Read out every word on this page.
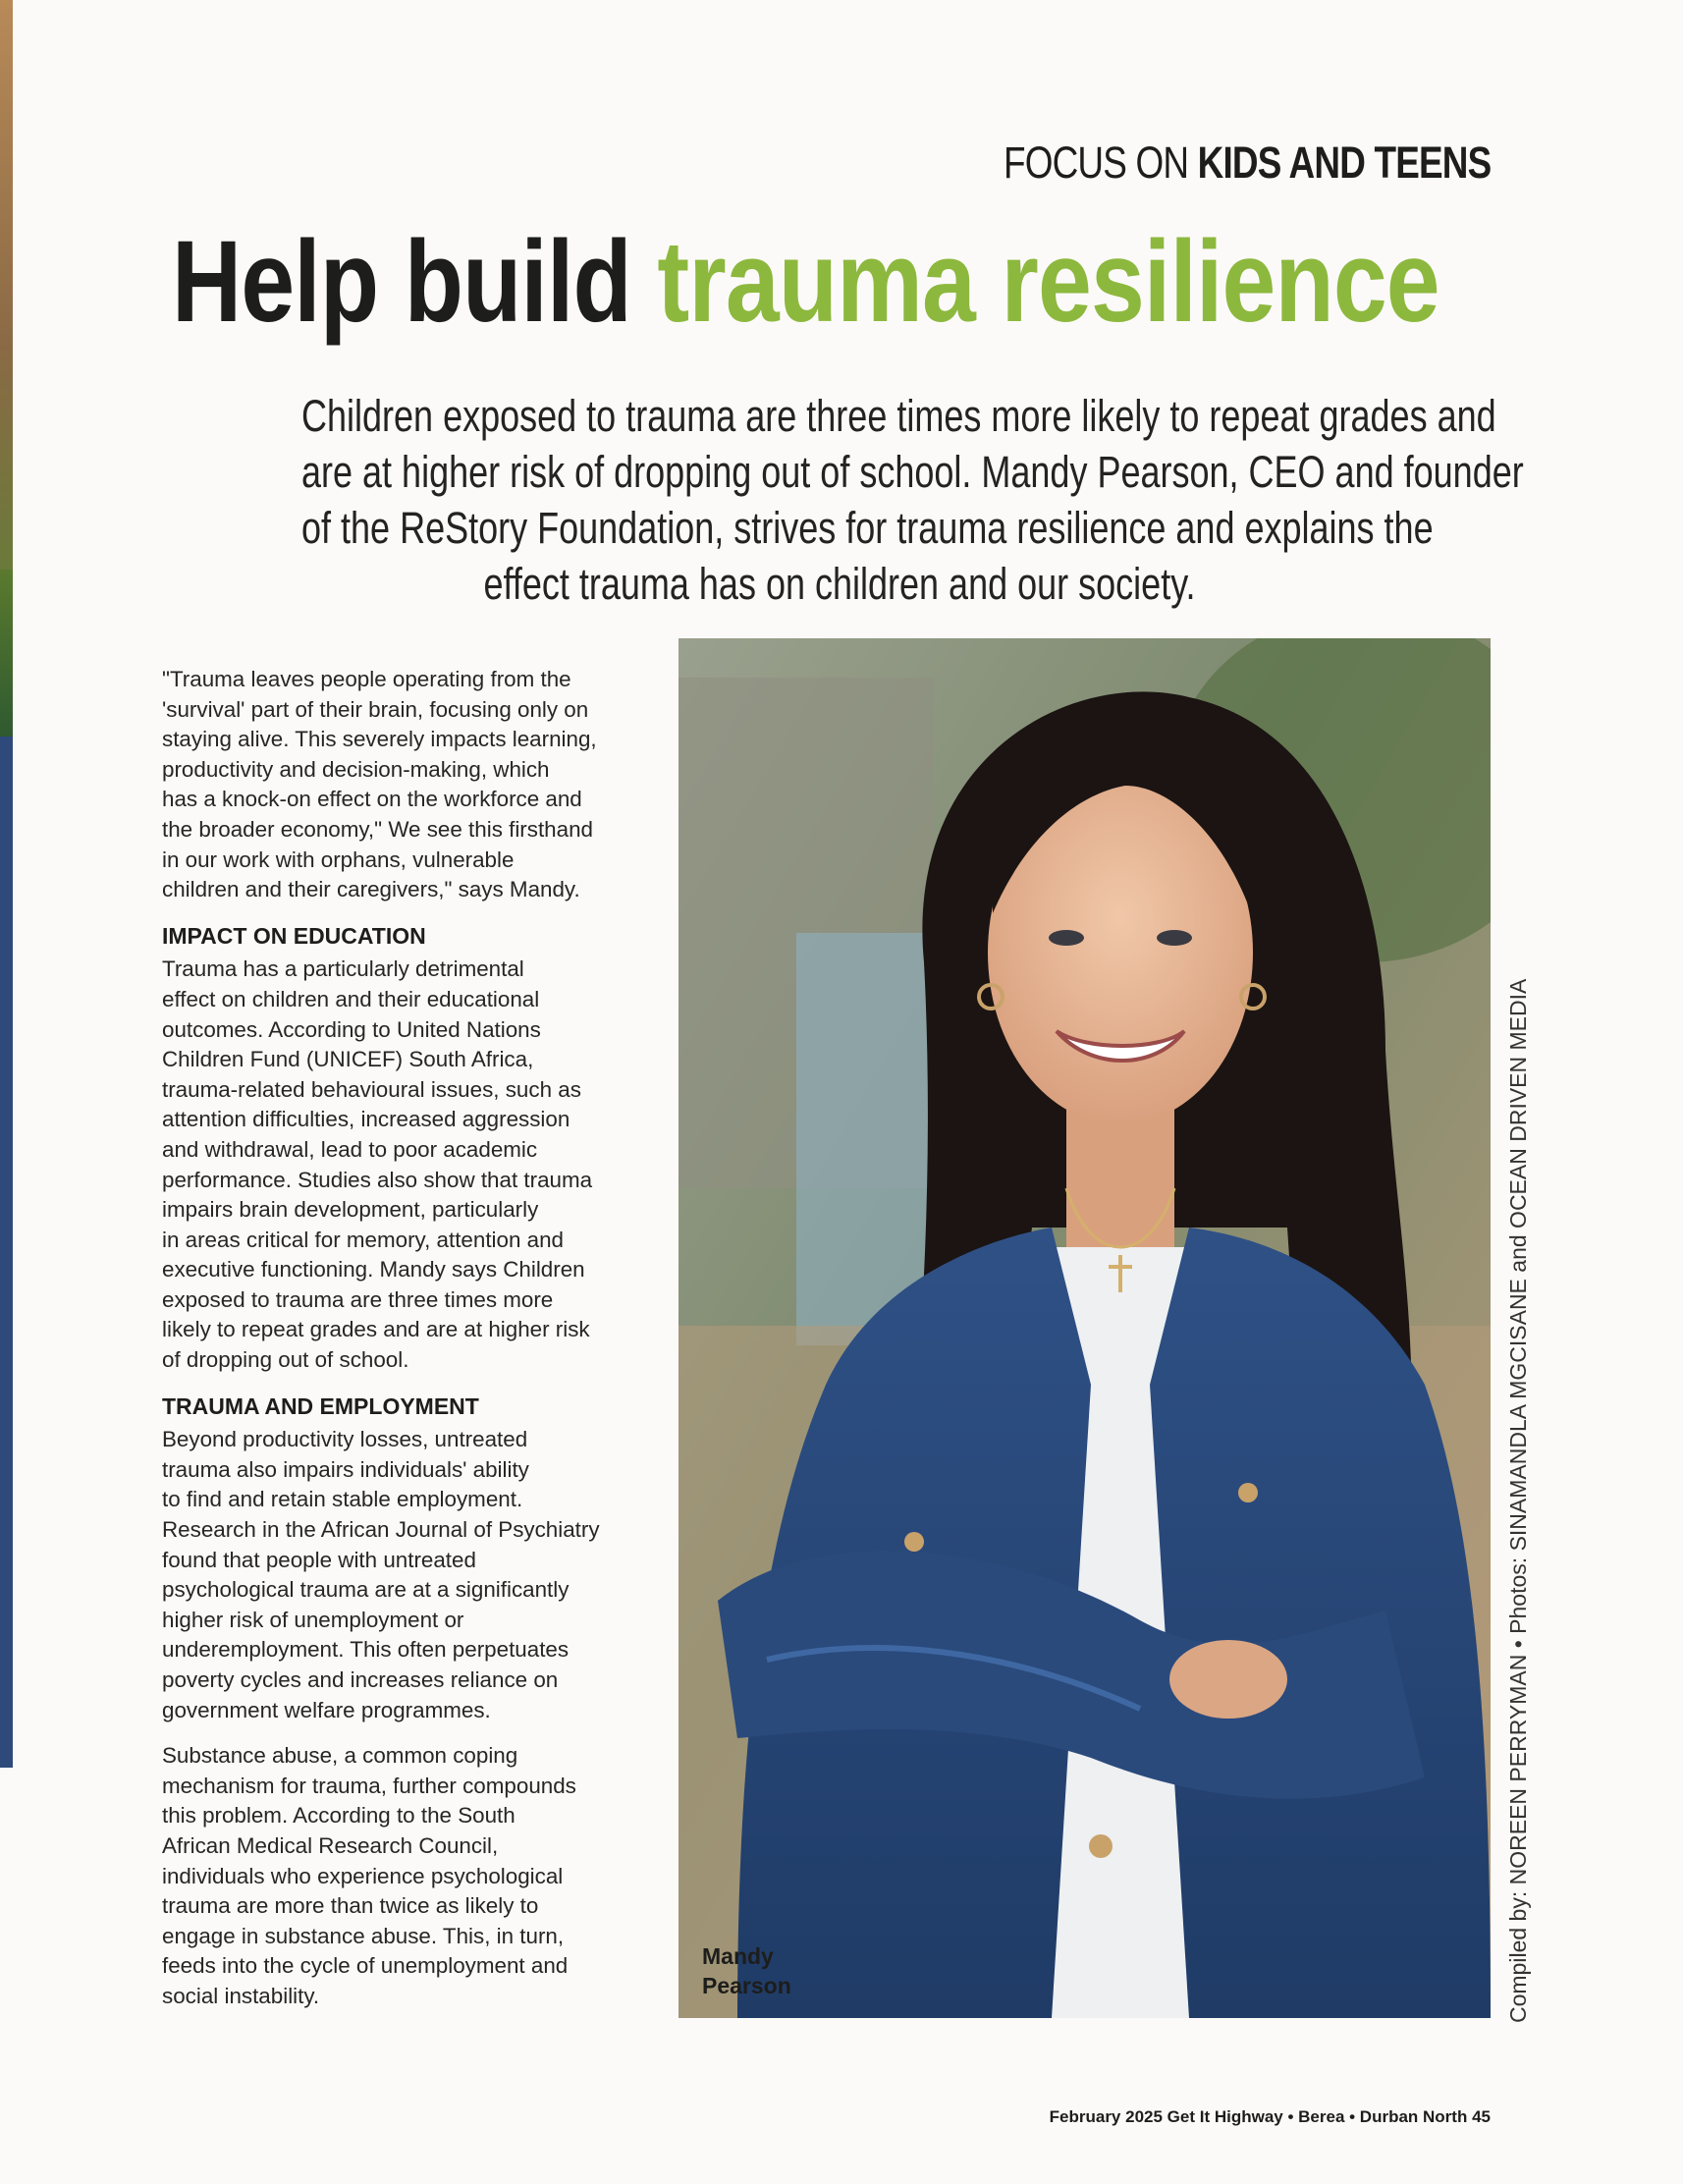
FOCUS ON KIDS AND TEENS
Help build trauma resilience

Children exposed to trauma are three times more likely to repeat grades and

are at higher risk of dropping out of school. Mandy Pearson, CEO and founder

of the ReStory Foundation, strives for trauma resilience and explains the

effect trauma has on children and our society.

"Trauma leaves people operating from the
'survival' part of their brain, focusing only on
staying alive. This severely impacts learning,
productivity and decision-making, which
has a knock-on effect on the workforce and
the broader economy," We see this firsthand
in our work with orphans, vulnerable
children and their caregivers," says Mandy.

IMPACT ON EDUCATION

Trauma has a particularly detrimental
effect on children and their educational
outcomes. According to United Nations
Children Fund (UNICEF) South Africa,
trauma-related behavioural issues, such as
attention difficulties, increased aggression
and withdrawal, lead to poor academic
performance. Studies also show that trauma
impairs brain development, particularly
in areas critical for memory, attention and
executive functioning. Mandy says Children
exposed to trauma are three times more
likely to repeat grades and are at higher risk
of dropping out of school.

TRAUMA AND EMPLOYMENT

Beyond productivity losses, untreated
trauma also impairs individuals' ability
to find and retain stable employment.
Research in the African Journal of Psychiatry
found that people with untreated
psychological trauma are at a significantly
higher risk of unemployment or
underemployment. This often perpetuates
poverty cycles and increases reliance on
government welfare programmes.

Substance abuse, a common coping
mechanism for trauma, further compounds
this problem. According to the South
African Medical Research Council,
individuals who experience psychological
trauma are more than twice as likely to
engage in substance abuse. This, in turn,
feeds into the cycle of unemployment and
social instability.

Mandy
Pearson	Compiled by: NOREEN PERRYMAN • Photos: SINAMANDLA MGCISANE and OCEAN DRIVEN MEDIA
February 2025 Get It Highway • Berea • Durban North 45
